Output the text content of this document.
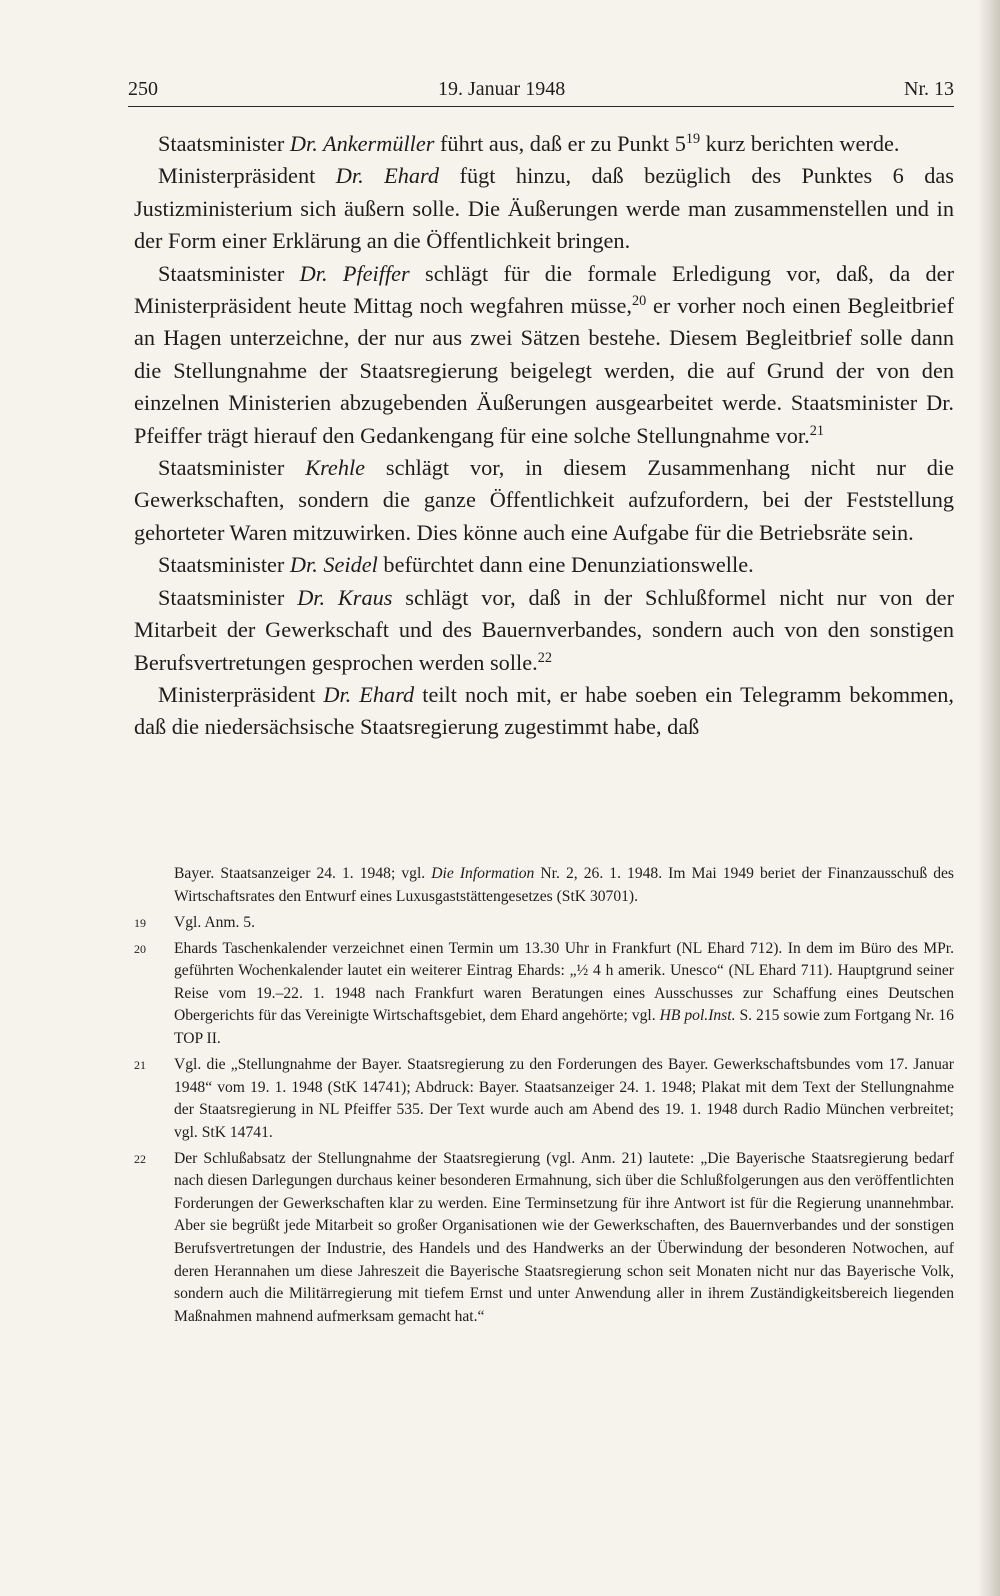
250	19. Januar 1948	Nr. 13

Staatsminister Dr. Ankermüller führt aus, daß er zu Punkt $5^{19}$ kurz berichten werde.

Ministerpräsident Dr. Ehard fügt hinzu, daß bezüglich des Punktes 6 das Justizministerium sich äußern solle. Die Äußerungen werde man zusammenstellen und in der Form einer Erklärung an die Öffentlichkeit bringen.

Staatsminister Dr. Pfeiffer schlägt für die formale Erledigung vor, daß, da der Ministerpräsident heute Mittag noch wegfahren müsse,$^{20}$ er vorher noch einen Begleitbrief an Hagen unterzeichne, der nur aus zwei Sätzen bestehe. Diesem Begleitbrief solle dann die Stellungnahme der Staatsregierung beigelegt werden, die auf Grund der von den einzelnen Ministerien abzugebenden Äußerungen ausgearbeitet werde. Staatsminister Dr. Pfeiffer trägt hierauf den Gedankengang für eine solche Stellungnahme vor.$^{21}$

Staatsminister Krehle schlägt vor, in diesem Zusammenhang nicht nur die Gewerkschaften, sondern die ganze Öffentlichkeit aufzufordern, bei der Feststellung gehorteter Waren mitzuwirken. Dies könne auch eine Aufgabe für die Betriebsräte sein.

Staatsminister Dr. Seidel befürchtet dann eine Denunziationswelle.

Staatsminister Dr. Kraus schlägt vor, daß in der Schlußformel nicht nur von der Mitarbeit der Gewerkschaft und des Bauernverbandes, sondern auch von den sonstigen Berufsvertretungen gesprochen werden solle.$^{22}$

Ministerpräsident Dr. Ehard teilt noch mit, er habe soeben ein Telegramm bekommen, daß die niedersächsische Staatsregierung zugestimmt habe, daß

Bayer. Staatsanzeiger 24. 1. 1948; vgl. Die Information Nr. 2, 26. 1. 1948. Im Mai 1949 beriet der Finanzausschuß des Wirtschaftsrates den Entwurf eines Luxusgaststättengesetzes (StK 30701).
19 Vgl. Anm. 5.
20 Ehards Taschenkalender verzeichnet einen Termin um 13.30 Uhr in Frankfurt (NL Ehard 712). In dem im Büro des MPr. geführten Wochenkalender lautet ein weiterer Eintrag Ehards: „½ 4 h amerik. Unesco“ (NL Ehard 711). Hauptgrund seiner Reise vom 19.–22. 1. 1948 nach Frankfurt waren Beratungen eines Ausschusses zur Schaffung eines Deutschen Obergerichts für das Vereinigte Wirtschaftsgebiet, dem Ehard angehörte; vgl. HB pol.Inst. S. 215 sowie zum Fortgang Nr. 16 TOP II.
21 Vgl. die „Stellungnahme der Bayer. Staatsregierung zu den Forderungen des Bayer. Gewerkschaftsbundes vom 17. Januar 1948“ vom 19. 1. 1948 (StK 14741); Abdruck: Bayer. Staatsanzeiger 24. 1. 1948; Plakat mit dem Text der Stellungnahme der Staatsregierung in NL Pfeiffer 535. Der Text wurde auch am Abend des 19. 1. 1948 durch Radio München verbreitet; vgl. StK 14741.
22 Der Schlußabsatz der Stellungnahme der Staatsregierung (vgl. Anm. 21) lautete: „Die Bayerische Staatsregierung bedarf nach diesen Darlegungen durchaus keiner besonderen Ermahnung, sich über die Schlußfolgerungen aus den veröffentlichten Forderungen der Gewerkschaften klar zu werden. Eine Terminsetzung für ihre Antwort ist für die Regierung unannehmbar. Aber sie begrüßt jede Mitarbeit so großer Organisationen wie der Gewerkschaften, des Bauernverbandes und der sonstigen Berufsvertretungen der Industrie, des Handels und des Handwerks an der Überwindung der besonderen Notwochen, auf deren Herannahen um diese Jahreszeit die Bayerische Staatsregierung schon seit Monaten nicht nur das Bayerische Volk, sondern auch die Militärregierung mit tiefem Ernst und unter Anwendung aller in ihrem Zuständigkeitsbereich liegenden Maßnahmen mahnend aufmerksam gemacht hat.“
